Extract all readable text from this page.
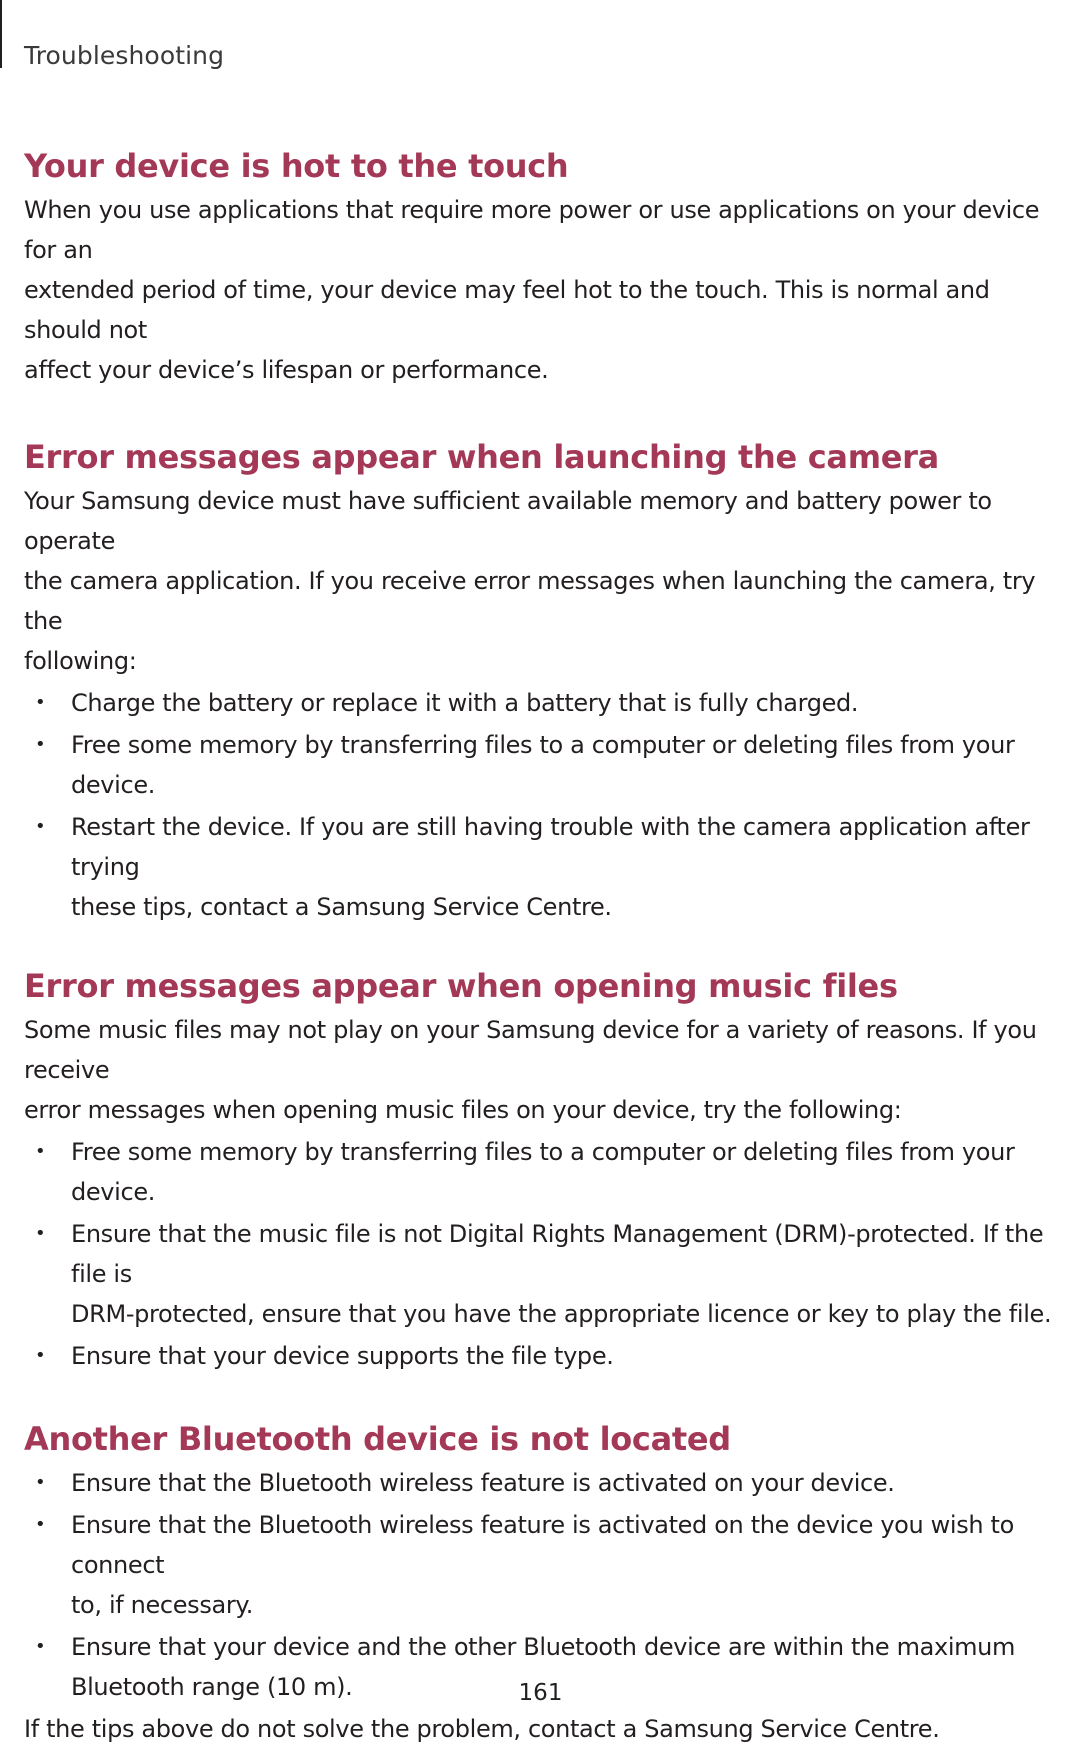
Troubleshooting
Your device is hot to the touch

When you use applications that require more power or use applications on your device for an
extended period of time, your device may feel hot to the touch. This is normal and should not
affect your device’s lifespan or performance.

Error messages appear when launching the camera

Your Samsung device must have sufficient available memory and battery power to operate
the camera application. If you receive error messages when launching the camera, try the
following:

• Charge the battery or replace it with a battery that is fully charged.
• Free some memory by transferring files to a computer or deleting files from your device.
• Restart the device. If you are still having trouble with the camera application after trying
these tips, contact a Samsung Service Centre.
Error messages appear when opening music files

Some music files may not play on your Samsung device for a variety of reasons. If you receive
error messages when opening music files on your device, try the following:

• Free some memory by transferring files to a computer or deleting files from your device.
• Ensure that the music file is not Digital Rights Management (DRM)-protected. If the file is
DRM-protected, ensure that you have the appropriate licence or key to play the file.
• Ensure that your device supports the file type.
Another Bluetooth device is not located
• Ensure that the Bluetooth wireless feature is activated on your device.
• Ensure that the Bluetooth wireless feature is activated on the device you wish to connect
to, if necessary.
• Ensure that your device and the other Bluetooth device are within the maximum
Bluetooth range (10 m).

If the tips above do not solve the problem, contact a Samsung Service Centre.

161
